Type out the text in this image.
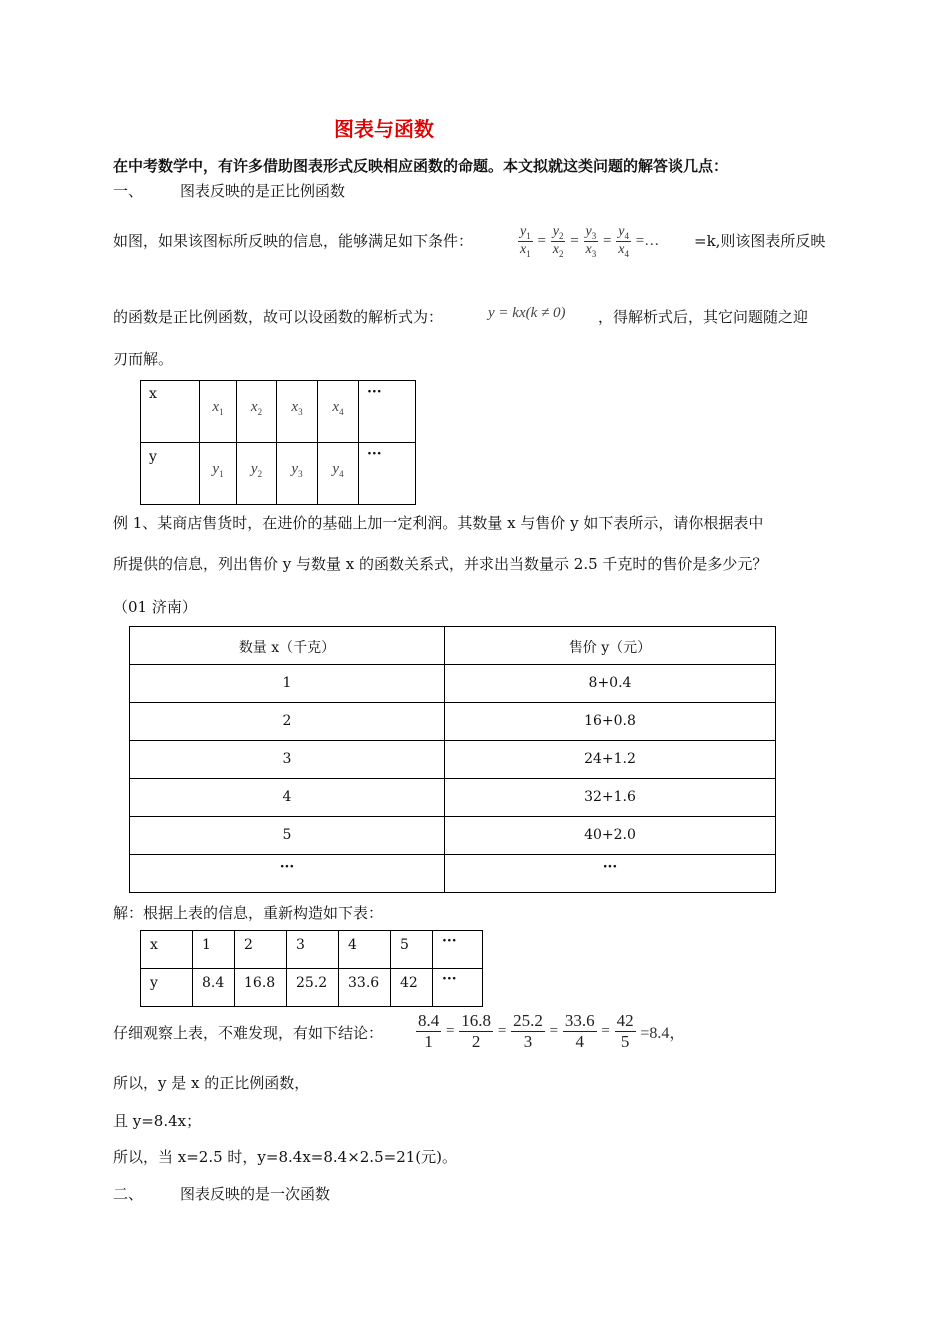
图表与函数
在中考数学中，有许多借助图表形式反映相应函数的命题。本文拟就这类问题的解答谈几点：
一、 图表反映的是正比例函数
如图，如果该图标所反映的信息，能够满足如下条件：	$\frac{y_1}{x_1} = \frac{y_2}{x_2} = \frac{y_3}{x_3} = \frac{y_4}{x_4}$ =… =k,则该图表所反映
的函数是正比例函数，故可以设函数的解析式为：	y = kx(k ≠ 0) ，得解析式后，其它问题随之迎
刃而解。
x	$x_1$	$x_2$	$x_3$	$x_4$	···
y	$y_1$	$y_2$	$y_3$	$y_4$	···
例 1、某商店售货时，在进价的基础上加一定利润。其数量 x 与售价 y 如下表所示，请你根据表中
所提供的信息，列出售价 y 与数量 x 的函数关系式，并求出当数量示 2.5 千克时的售价是多少元？
（01 济南）
数量 x（千克）	售价 y（元）
1	8+0.4
2	16+0.8
3	24+1.2
4	32+1.6
5	40+2.0
···	···
解：根据上表的信息，重新构造如下表：
x	1	2	3	4	5	···
y	8.4	16.8	25.2	33.6	42	···
仔细观察上表，不难发现，有如下结论： $\frac{8.4}{1} = \frac{16.8}{2} = \frac{25.2}{3} = \frac{33.6}{4} = \frac{42}{5} =8.4$，
所以，y 是 x 的正比例函数，
且 y=8.4x；
所以，当 x=2.5 时，y=8.4x=8.4×2.5=21(元)。
二、 图表反映的是一次函数
